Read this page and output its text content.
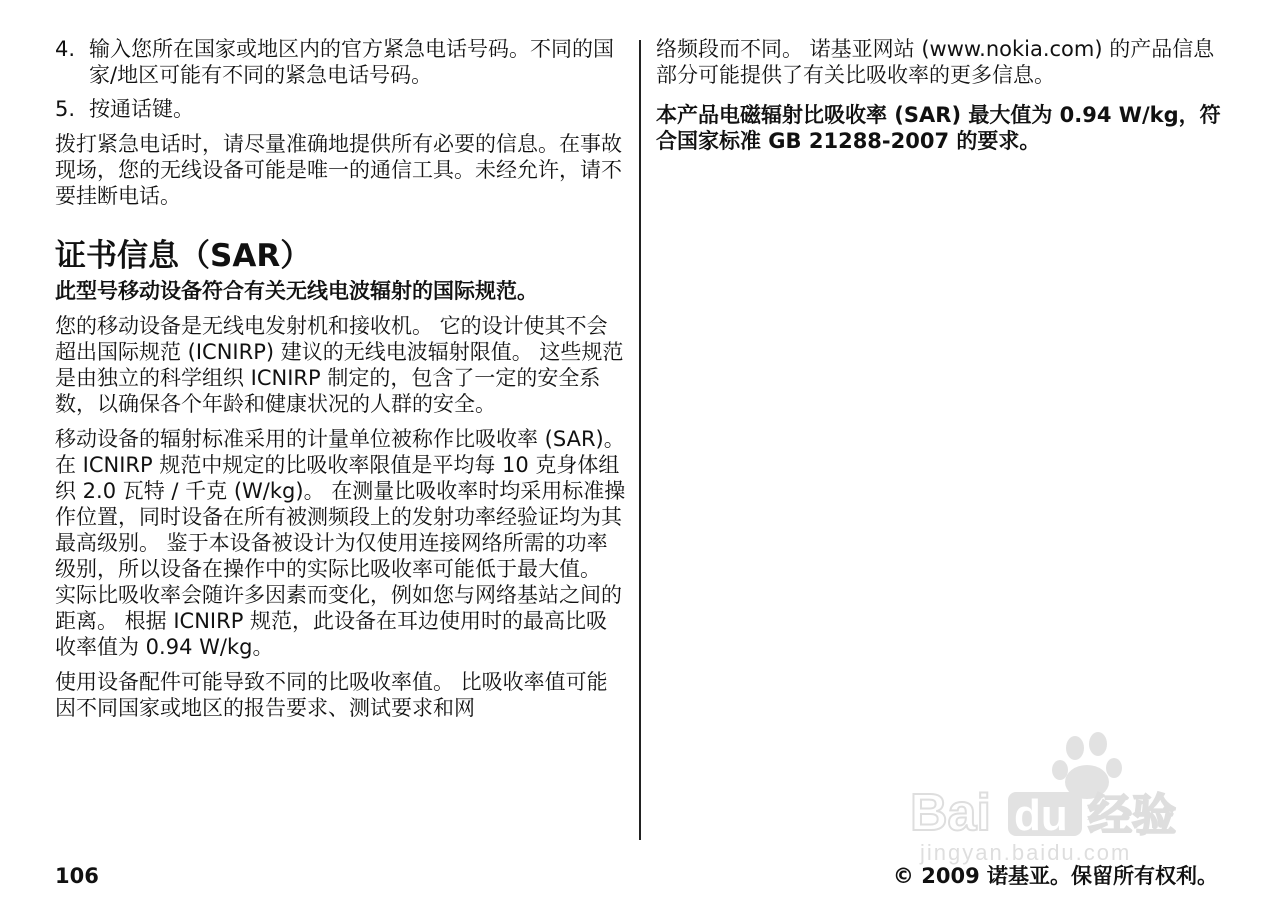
4. 输入您所在国家或地区内的官方紧急电话号码。不同的国家/地区可能有不同的紧急电话号码。
5. 按通话键。

拨打紧急电话时，请尽量准确地提供所有必要的信息。在事故现场，您的无线设备可能是唯一的通信工具。未经允许，请不要挂断电话。

证书信息（SAR）

此型号移动设备符合有关无线电波辐射的国际规范。

您的移动设备是无线电发射机和接收机。 它的设计使其不会超出国际规范 (ICNIRP) 建议的无线电波辐射限值。 这些规范是由独立的科学组织 ICNIRP 制定的，包含了一定的安全系数，以确保各个年龄和健康状况的人群的安全。

移动设备的辐射标准采用的计量单位被称作比吸收率 (SAR)。 在 ICNIRP 规范中规定的比吸收率限值是平均每 10 克身体组织 2.0 瓦特 / 千克 (W/kg)。 在测量比吸收率时均采用标准操作位置，同时设备在所有被测频段上的发射功率经验证均为其最高级别。 鉴于本设备被设计为仅使用连接网络所需的功率级别，所以设备在操作中的实际比吸收率可能低于最大值。 实际比吸收率会随许多因素而变化，例如您与网络基站之间的距离。 根据 ICNIRP 规范，此设备在耳边使用时的最高比吸收率值为 0.94 W/kg。

使用设备配件可能导致不同的比吸收率值。 比吸收率值可能因不同国家或地区的报告要求、测试要求和网

络频段而不同。 诺基亚网站 (www.nokia.com) 的产品信息部分可能提供了有关比吸收率的更多信息。

本产品电磁辐射比吸收率 (SAR) 最大值为 0.94 W/kg，符合国家标准 GB 21288-2007 的要求。

Bai du 经验
jingyan.baidu.com
106	© 2009 诺基亚。保留所有权利。
